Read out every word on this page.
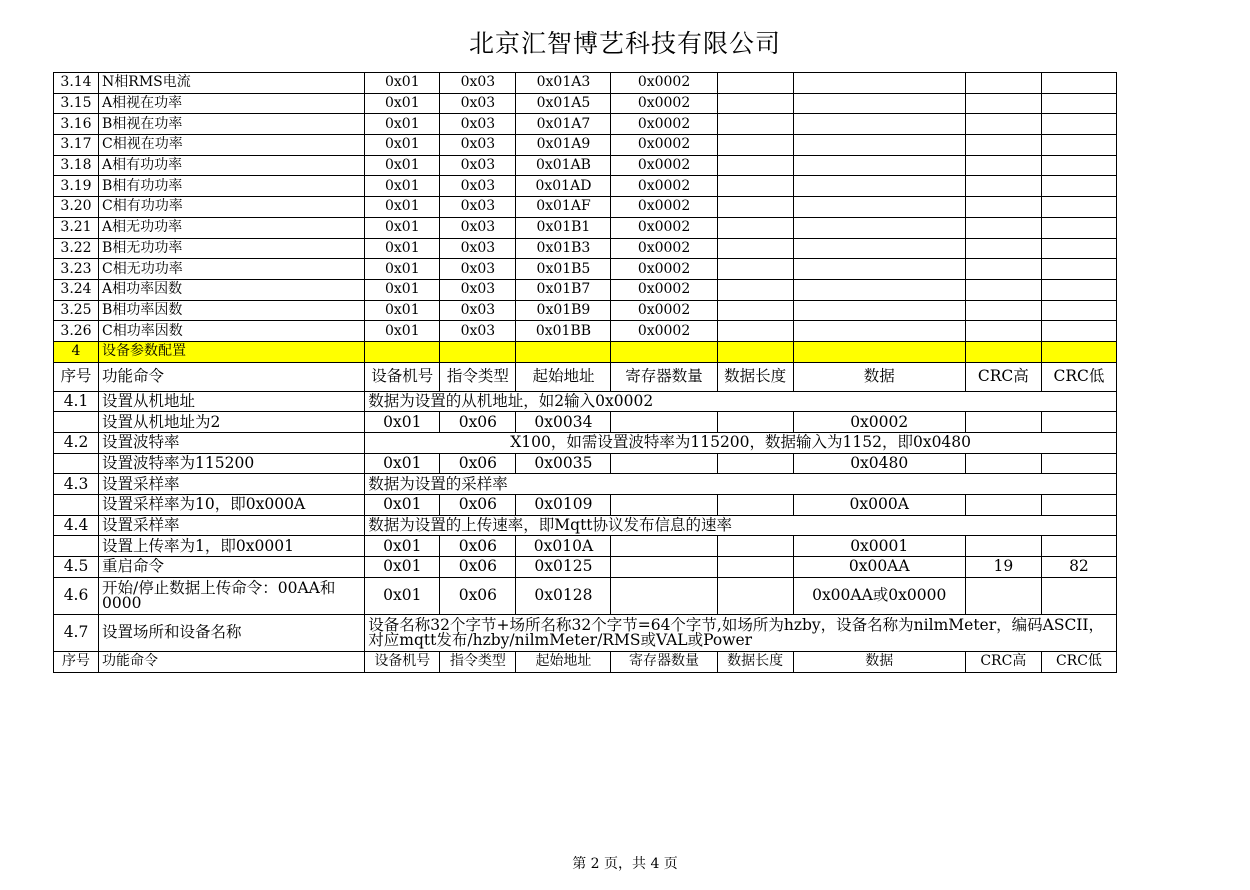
北京汇智博艺科技有限公司
3.14	N相RMS电流	0x01	0x03	0x01A3	0x0002				
3.15	A相视在功率	0x01	0x03	0x01A5	0x0002				
3.16	B相视在功率	0x01	0x03	0x01A7	0x0002				
3.17	C相视在功率	0x01	0x03	0x01A9	0x0002				
3.18	A相有功功率	0x01	0x03	0x01AB	0x0002				
3.19	B相有功功率	0x01	0x03	0x01AD	0x0002				
3.20	C相有功功率	0x01	0x03	0x01AF	0x0002				
3.21	A相无功功率	0x01	0x03	0x01B1	0x0002				
3.22	B相无功功率	0x01	0x03	0x01B3	0x0002				
3.23	C相无功功率	0x01	0x03	0x01B5	0x0002				
3.24	A相功率因数	0x01	0x03	0x01B7	0x0002				
3.25	B相功率因数	0x01	0x03	0x01B9	0x0002				
3.26	C相功率因数	0x01	0x03	0x01BB	0x0002				
4	设备参数配置								
序号	功能命令	设备机号	指令类型	起始地址	寄存器数量	数据长度	数据	CRC高	CRC低
4.1	设置从机地址	数据为设置的从机地址，如2输入0x0002							
	设置从机地址为2	0x01	0x06	0x0034			0x0002		
4.2	设置波特率	X100，如需设置波特率为115200，数据输入为1152，即0x0480							
	设置波特率为115200	0x01	0x06	0x0035			0x0480		
4.3	设置采样率	数据为设置的采样率							
	设置采样率为10，即0x000A	0x01	0x06	0x0109			0x000A		
4.4	设置采样率	数据为设置的上传速率，即Mqtt协议发布信息的速率							
	设置上传率为1，即0x0001	0x01	0x06	0x010A			0x0001		
4.5	重启命令	0x01	0x06	0x0125			0x00AA	19	82
4.6	开始/停止数据上传命令：00AA和0000	0x01	0x06	0x0128			0x00AA或0x0000		
4.7	设置场所和设备名称	设备名称32个字节+场所名称32个字节=64个字节,如场所为hzby，设备名称为nilmMeter，编码ASCII，对应mqtt发布/hzby/nilmMeter/RMS或VAL或Power							
序号	功能命令	设备机号	指令类型	起始地址	寄存器数量	数据长度	数据	CRC高	CRC低
第 2 页，共 4 页
